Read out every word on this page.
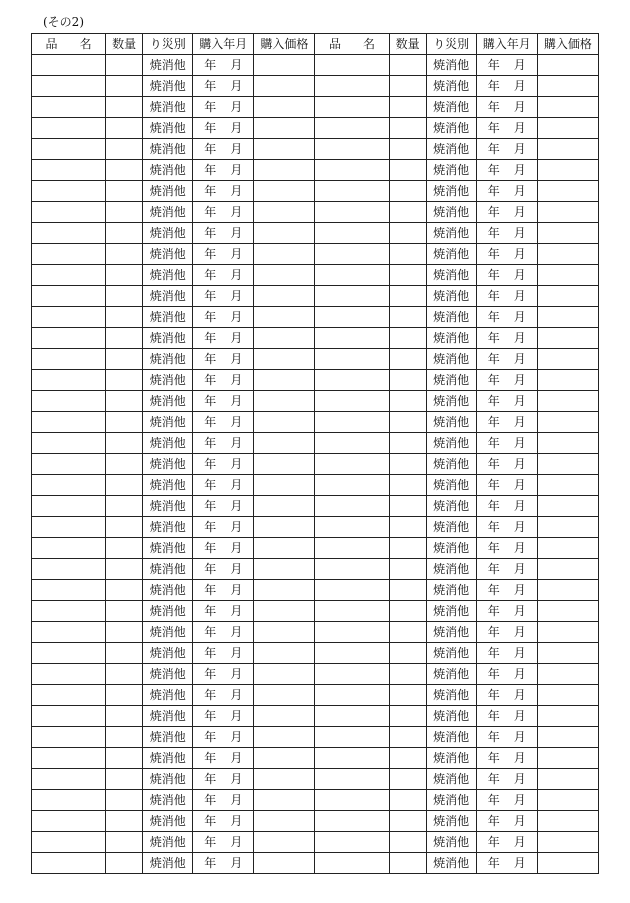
(その2)
品 名	数量	り災別	購入年月	購入価格	品 名	数量	り災別	購入年月	購入価格
		焼消他	年 月				焼消他	年 月	
		焼消他	年 月				焼消他	年 月	
		焼消他	年 月				焼消他	年 月	
		焼消他	年 月				焼消他	年 月	
		焼消他	年 月				焼消他	年 月	
		焼消他	年 月				焼消他	年 月	
		焼消他	年 月				焼消他	年 月	
		焼消他	年 月				焼消他	年 月	
		焼消他	年 月				焼消他	年 月	
		焼消他	年 月				焼消他	年 月	
		焼消他	年 月				焼消他	年 月	
		焼消他	年 月				焼消他	年 月	
		焼消他	年 月				焼消他	年 月	
		焼消他	年 月				焼消他	年 月	
		焼消他	年 月				焼消他	年 月	
		焼消他	年 月				焼消他	年 月	
		焼消他	年 月				焼消他	年 月	
		焼消他	年 月				焼消他	年 月	
		焼消他	年 月				焼消他	年 月	
		焼消他	年 月				焼消他	年 月	
		焼消他	年 月				焼消他	年 月	
		焼消他	年 月				焼消他	年 月	
		焼消他	年 月				焼消他	年 月	
		焼消他	年 月				焼消他	年 月	
		焼消他	年 月				焼消他	年 月	
		焼消他	年 月				焼消他	年 月	
		焼消他	年 月				焼消他	年 月	
		焼消他	年 月				焼消他	年 月	
		焼消他	年 月				焼消他	年 月	
		焼消他	年 月				焼消他	年 月	
		焼消他	年 月				焼消他	年 月	
		焼消他	年 月				焼消他	年 月	
		焼消他	年 月				焼消他	年 月	
		焼消他	年 月				焼消他	年 月	
		焼消他	年 月				焼消他	年 月	
		焼消他	年 月				焼消他	年 月	
		焼消他	年 月				焼消他	年 月	
		焼消他	年 月				焼消他	年 月	
		焼消他	年 月				焼消他	年 月	
